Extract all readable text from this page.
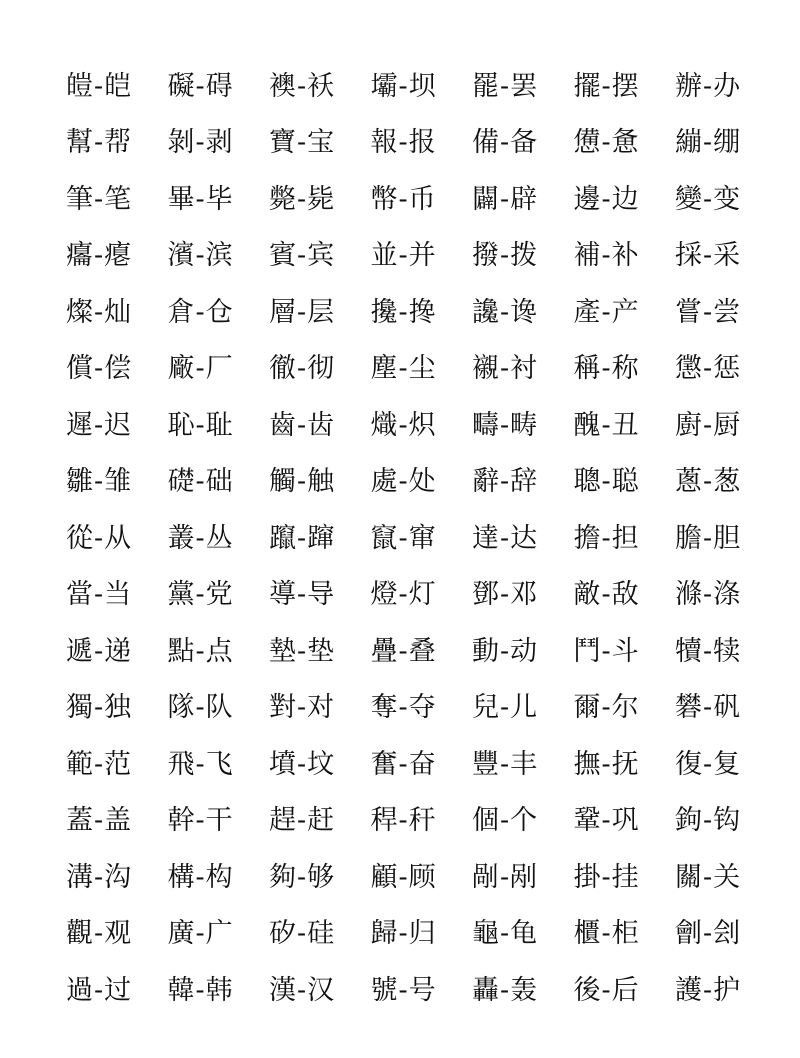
皚-皑	礙-碍	襖-袄	壩-坝	罷-罢	擺-摆	辦-办
幫-帮	剝-剥	寶-宝	報-报	備-备	憊-惫	繃-绷
筆-笔	畢-毕	斃-毙	幣-币	闢-辟	邊-边	變-变
癟-瘪	濱-滨	賓-宾	並-并	撥-拨	補-补	採-采
燦-灿	倉-仓	層-层	攙-搀	讒-谗	產-产	嘗-尝
償-偿	廠-厂	徹-彻	塵-尘	襯-衬	稱-称	懲-惩
遲-迟	恥-耻	齒-齿	熾-炽	疇-畴	醜-丑	廚-厨
雛-雏	礎-础	觸-触	處-处	辭-辞	聰-聪	蔥-葱
從-从	叢-丛	躥-蹿	竄-窜	達-达	擔-担	膽-胆
當-当	黨-党	導-导	燈-灯	鄧-邓	敵-敌	滌-涤
遞-递	點-点	墊-垫	疊-叠	動-动	鬥-斗	犢-犊
獨-独	隊-队	對-对	奪-夺	兒-儿	爾-尔	礬-矾
範-范	飛-飞	墳-坟	奮-奋	豐-丰	撫-抚	復-复
蓋-盖	幹-干	趕-赶	稈-秆	個-个	鞏-巩	鉤-钩
溝-沟	構-构	夠-够	顧-顾	剮-剐	掛-挂	關-关
觀-观	廣-广	矽-硅	歸-归	龜-龟	櫃-柜	劊-刽
過-过	韓-韩	漢-汉	號-号	轟-轰	後-后	護-护
